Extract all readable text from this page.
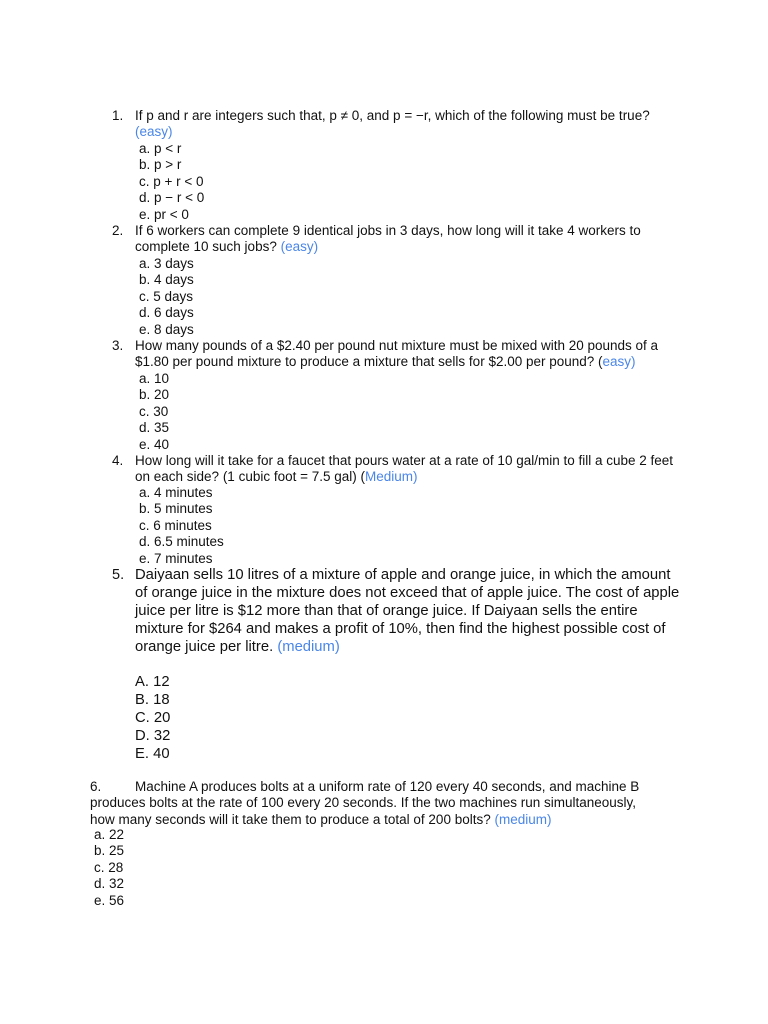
1. If p and r are integers such that, p ≠ 0, and p = −r, which of the following must be true?
(easy)
a. p < r
b. p > r
c. p + r < 0
d. p − r < 0
e. pr < 0
2. If 6 workers can complete 9 identical jobs in 3 days, how long will it take 4 workers to complete 10 such jobs? (easy)
a. 3 days
b. 4 days
c. 5 days
d. 6 days
e. 8 days
3. How many pounds of a $2.40 per pound nut mixture must be mixed with 20 pounds of a $1.80 per pound mixture to produce a mixture that sells for $2.00 per pound? (easy)
a. 10
b. 20
c. 30
d. 35
e. 40
4. How long will it take for a faucet that pours water at a rate of 10 gal/min to fill a cube 2 feet on each side? (1 cubic foot = 7.5 gal) (Medium)
a. 4 minutes
b. 5 minutes
c. 6 minutes
d. 6.5 minutes
e. 7 minutes
5. Daiyaan sells 10 litres of a mixture of apple and orange juice, in which the amount of orange juice in the mixture does not exceed that of apple juice. The cost of apple juice per litre is $12 more than that of orange juice. If Daiyaan sells the entire mixture for $264 and makes a profit of 10%, then find the highest possible cost of orange juice per litre. (medium)
A. 12
B. 18
C. 20
D. 32
E. 40
6. Machine A produces bolts at a uniform rate of 120 every 40 seconds, and machine B produces bolts at the rate of 100 every 20 seconds. If the two machines run simultaneously, how many seconds will it take them to produce a total of 200 bolts? (medium)
a. 22
b. 25
c. 28
d. 32
e. 56
